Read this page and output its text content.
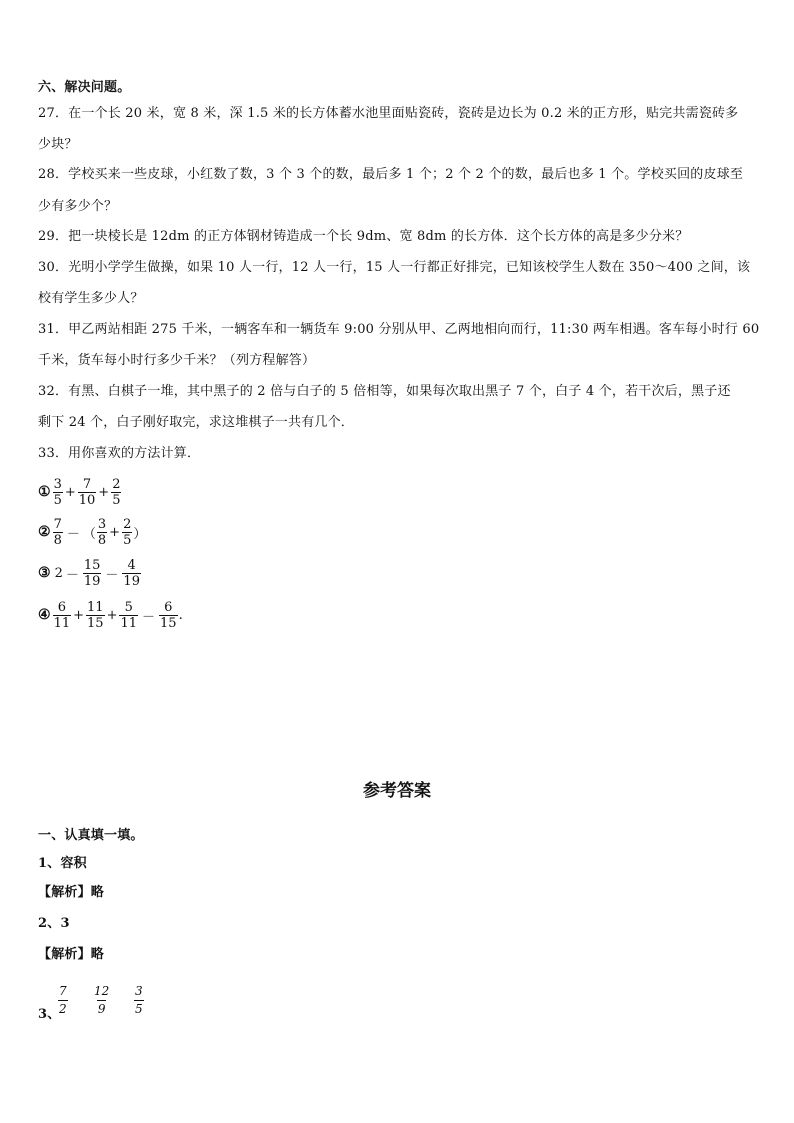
六、解决问题。
27．在一个长 20 米，宽 8 米，深 1.5 米的长方体蓄水池里面贴瓷砖，瓷砖是边长为 0.2 米的正方形，贴完共需瓷砖多
少块？
28．学校买来一些皮球，小红数了数，3 个 3 个的数，最后多 1 个；2 个 2 个的数，最后也多 1 个。学校买回的皮球至
少有多少个？
29．把一块棱长是 12dm 的正方体钢材铸造成一个长 9dm、宽 8dm 的长方体．这个长方体的高是多少分米？
30．光明小学学生做操，如果 10 人一行，12 人一行，15 人一行都正好排完，已知该校学生人数在 350～400 之间，该
校有学生多少人？
31．甲乙两站相距 275 千米，一辆客车和一辆货车 9:00 分别从甲、乙两地相向而行，11:30 两车相遇。客车每小时行 60
千米，货车每小时行多少千米？（列方程解答）
32．有黑、白棋子一堆，其中黑子的 2 倍与白子的 5 倍相等，如果每次取出黑子 7 个，白子 4 个，若干次后，黑子还
剩下 24 个，白子刚好取完，求这堆棋子一共有几个．
33．用你喜欢的方法计算．
① $\frac{3}{5} + \frac{7}{10} + \frac{2}{5}$
② $\frac{7}{8}$ － （ $\frac{3}{8} + \frac{2}{5}$ ）
③ $2 - \frac{15}{19} - \frac{4}{19}$
④ $\frac{6}{11} + \frac{11}{15} + \frac{5}{11} - \frac{6}{15}$ .
参考答案
一、认真填一填。
1、容积
【解析】略
2、3
【解析】略
7
2
12
9
3
5
3、
